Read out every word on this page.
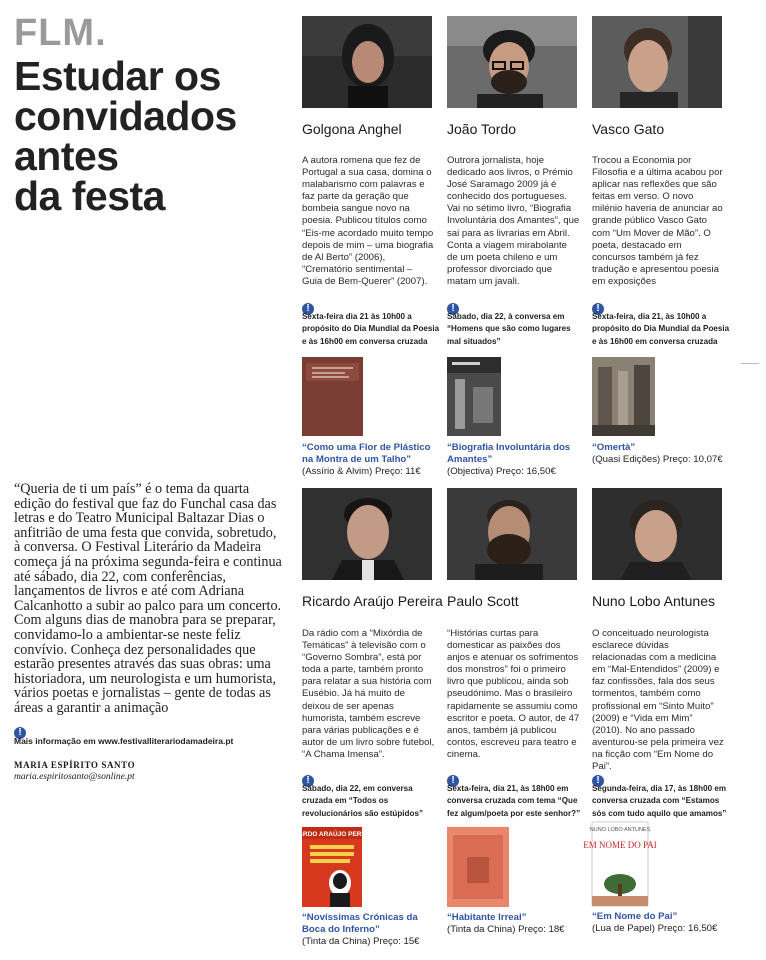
FLM.
Estudar os
convidados
antes
da festa

“Queria de ti um país” é o tema da quarta edição do festival que faz do Funchal casa das letras e do Teatro Municipal Baltazar Dias o anfitrião de uma festa que convida, sobretudo, à conversa. O Festival Literário da Madeira começa já na próxima segunda-feira e continua até sábado, dia 22, com conferências, lançamentos de livros e até com Adriana Calcanhotto a subir ao palco para um concerto. Com alguns dias de manobra para se preparar, convidamo-lo a ambientar-se neste feliz convívio. Conheça dez personalidades que estarão presentes através das suas obras: uma historiadora, um neurologista e um humorista, vários poetas e jornalistas – gente de todas as áreas a garantir a animação

!
Mais informação em www.festivalliterariodamadeira.pt
MARIA ESPÍRITO SANTO
maria.espiritosanto@sonline.pt
Golgona Anghel

A autora romena que fez de Portugal a sua casa, domina o malabarismo com palavras e faz parte da geração que bombeia sangue novo na poesia. Publicou títulos como “Eis-me acordado muito tempo depois de mim – uma biografia de Al Berto” (2006), “Crematório sentimental – Guia de Bem-Querer” (2007).

!

Sexta-feira dia 21 às 10h00 a propósito do Dia Mundial da Poesia e às 16h00 em conversa cruzada

“Como uma Flor de Plástico na Montra de um Talho”

(Assírio & Alvim) Preço: 11€

João Tordo

Outrora jornalista, hoje dedicado aos livros, o Prémio José Saramago 2009 já é conhecido dos portugueses. Vai no sétimo livro, “Biografia Involuntária dos Amantes”, que sai para as livrarias em Abril. Conta a viagem mirabolante de um poeta chileno e um professor divorciado que matam um javali.

!

Sábado, dia 22, à conversa em “Homens que são como lugares mal situados”

“Biografia Involuntária dos Amantes”

(Objectiva) Preço: 16,50€

Vasco Gato

Trocou a Economia por Filosofia e a última acabou por aplicar nas reflexões que são feitas em verso. O novo milénio haveria de anunciar ao grande público Vasco Gato com “Um Mover de Mão”. O poeta, destacado em concursos também já fez tradução e apresentou poesia em exposições

!

Sexta-feira, dia 21, às 10h00 a propósito do Dia Mundial da Poesia e às 16h00 em conversa cruzada

“Omertà”

(Quasi Edições) Preço: 10,07€

Ricardo Araújo Pereira

Da rádio com a “Mixórdia de Temáticas” à televisão com o “Governo Sombra”, está por toda a parte, também pronto para relatar a sua história com Eusébio. Já há muito de deixou de ser apenas humorista, também escreve para várias publicações e é autor de um livro sobre futebol, “A Chama Imensa”.

!

Sábado, dia 22, em conversa cruzada em “Todos os revolucionários são estúpidos”

RICARDO ARAÚJO PEREIRA

“Novíssimas Crónicas da Boca do Inferno”

(Tinta da China) Preço: 15€

Paulo Scott

“Histórias curtas para domesticar as paixões dos anjos e atenuar os sofrimentos dos monstros” foi o primeiro livro que publicou, ainda sob pseudónimo. Mas o brasileiro rapidamente se assumiu como escritor e poeta. O autor, de 47 anos, também já publicou contos, escreveu para teatro e cinema.

!

Sexta-feira, dia 21, às 18h00 em conversa cruzada com tema “Que fez algum/poeta por este senhor?”

“Habitante Irreal”

(Tinta da China) Preço: 18€

Nuno Lobo Antunes

O conceituado neurologista esclarece dúvidas relacionadas com a medicina em “Mal-Entendidos” (2009) e faz confissões, fala dos seus tormentos, também como profissional em “Sinto Muito” (2009) e “Vida em Mim” (2010). No ano passado aventurou-se pela primeira vez na ficção com “Em Nome do Pai”.

!

Segunda-feira, dia 17, às 18h00 em conversa cruzada com “Estamos sós com tudo aquilo que amamos”

NUNO LOBO ANTUNES
EM NOME DO PAI

“Em Nome do Pai”

(Lua de Papel) Preço: 16,50€
